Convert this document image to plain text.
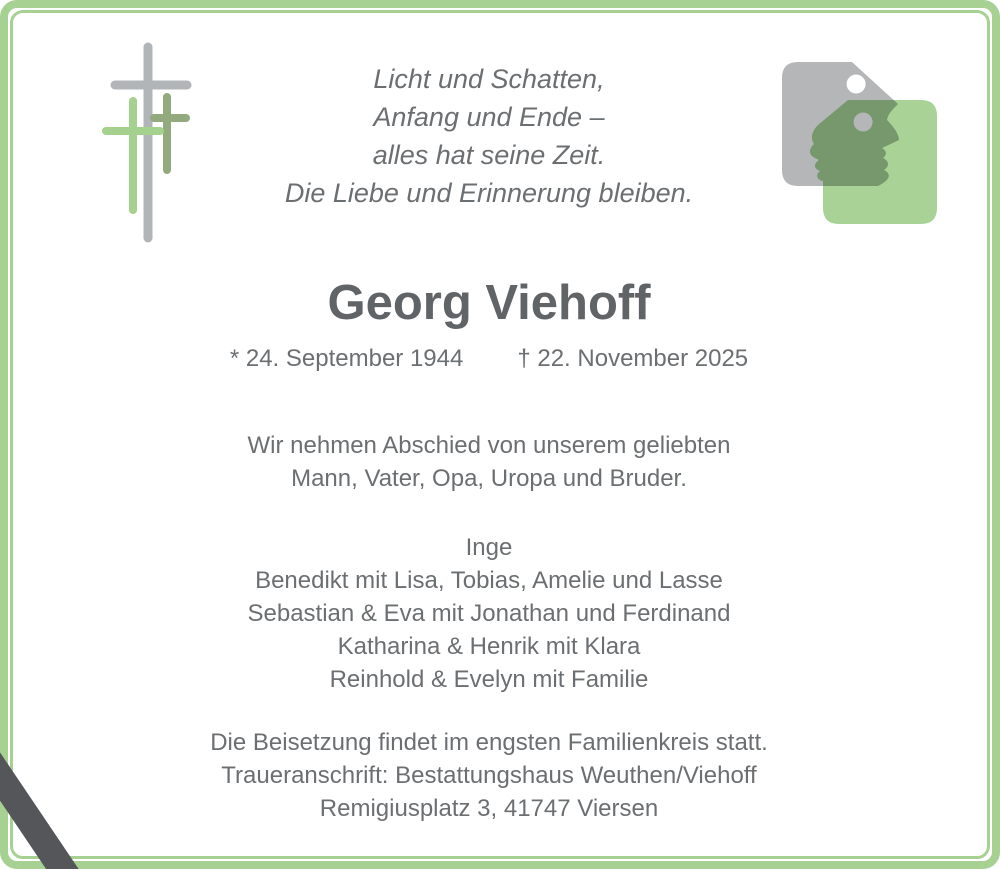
Licht und Schatten,
Anfang und Ende –
alles hat seine Zeit.
Die Liebe und Erinnerung bleiben.
Georg Viehoff
* 24. September 1944 † 22. November 2025
Wir nehmen Abschied von unserem geliebten
Mann, Vater, Opa, Uropa und Bruder.
Inge
Benedikt mit Lisa, Tobias, Amelie und Lasse
Sebastian & Eva mit Jonathan und Ferdinand
Katharina & Henrik mit Klara
Reinhold & Evelyn mit Familie
Die Beisetzung findet im engsten Familienkreis statt.
Traueranschrift: Bestattungshaus Weuthen/Viehoff
Remigiusplatz 3, 41747 Viersen
